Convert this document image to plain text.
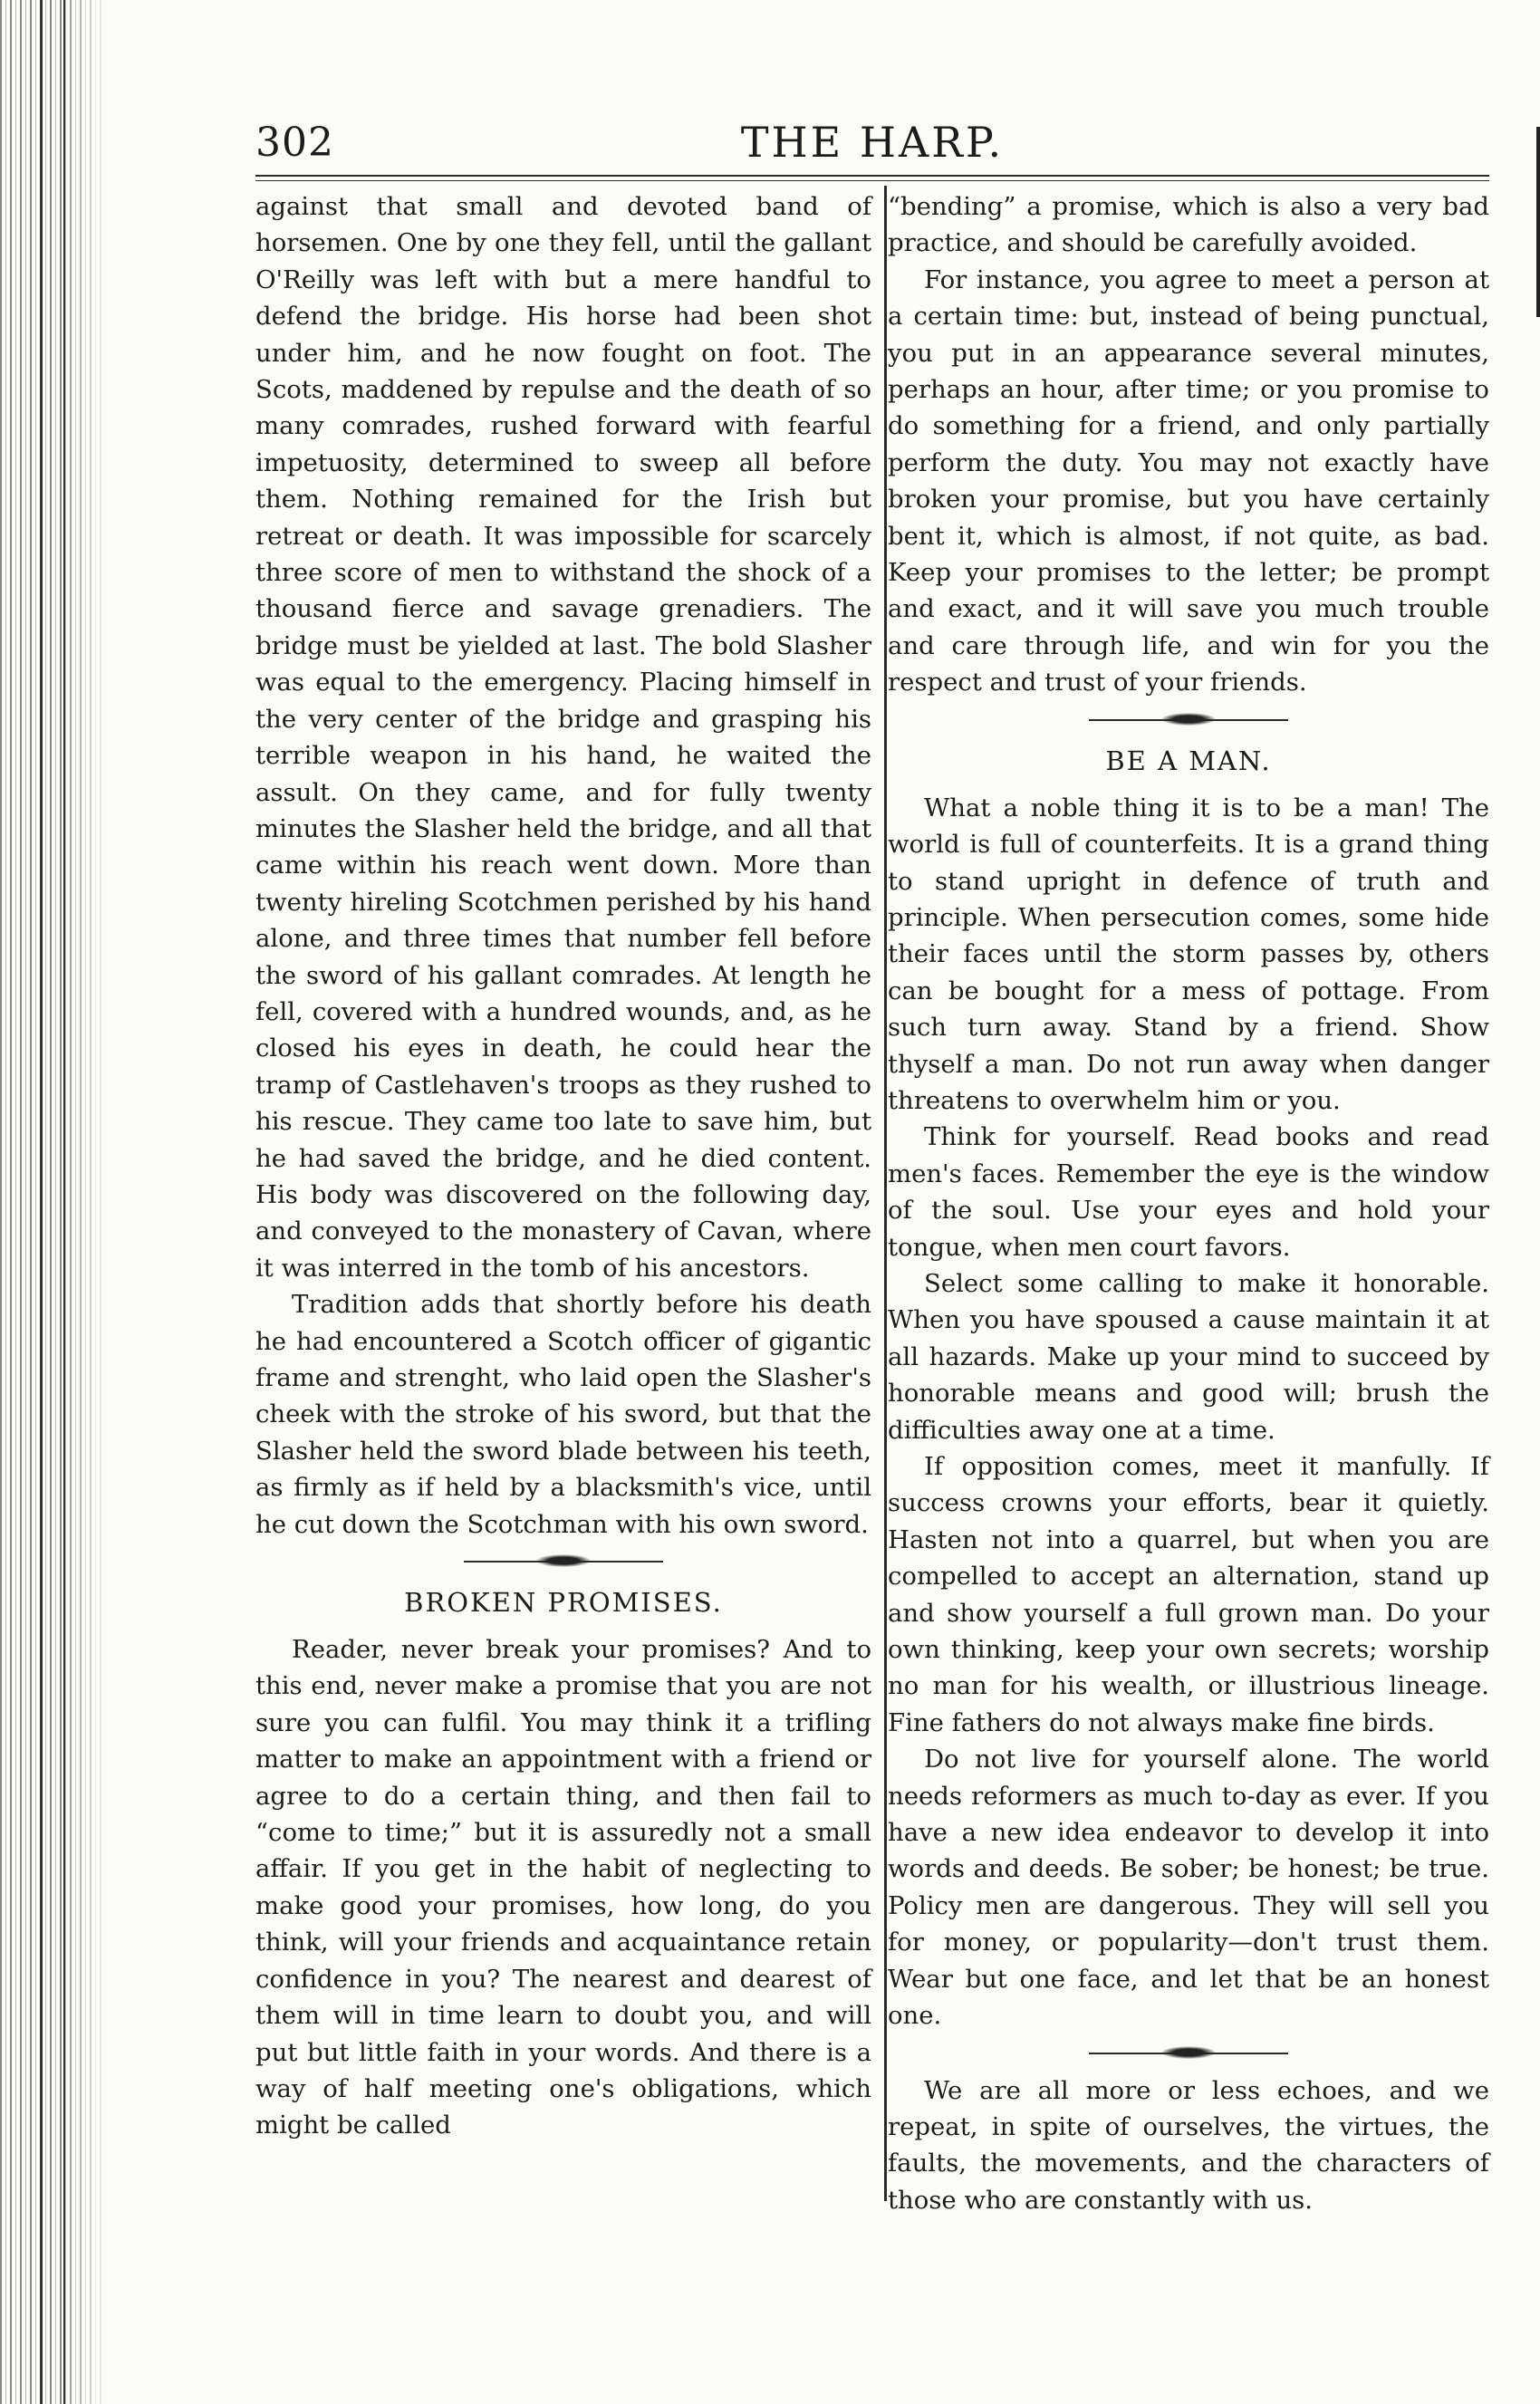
302	THE HARP.

against that small and devoted band of horsemen. One by one they fell, until the gallant O'Reilly was left with but a mere handful to defend the bridge. His horse had been shot under him, and he now fought on foot. The Scots, maddened by repulse and the death of so many comrades, rushed forward with fearful impetuosity, determined to sweep all before them. Nothing remained for the Irish but retreat or death. It was impossible for scarcely three score of men to withstand the shock of a thousand fierce and savage grenadiers. The bridge must be yielded at last. The bold Slasher was equal to the emergency. Placing himself in the very center of the bridge and grasping his terrible weapon in his hand, he waited the assult. On they came, and for fully twenty minutes the Slasher held the bridge, and all that came within his reach went down. More than twenty hireling Scotchmen perished by his hand alone, and three times that number fell before the sword of his gallant comrades. At length he fell, covered with a hundred wounds, and, as he closed his eyes in death, he could hear the tramp of Castlehaven's troops as they rushed to his rescue. They came too late to save him, but he had saved the bridge, and he died content. His body was discovered on the following day, and conveyed to the monastery of Cavan, where it was interred in the tomb of his ancestors.

Tradition adds that shortly before his death he had encountered a Scotch officer of gigantic frame and strenght, who laid open the Slasher's cheek with the stroke of his sword, but that the Slasher held the sword blade between his teeth, as firmly as if held by a blacksmith's vice, until he cut down the Scotchman with his own sword.

BROKEN PROMISES.

Reader, never break your promises? And to this end, never make a promise that you are not sure you can fulfil. You may think it a trifling matter to make an appointment with a friend or agree to do a certain thing, and then fail to “come to time;” but it is assuredly not a small affair. If you get in the habit of neglecting to make good your promises, how long, do you think, will your friends and acquaintance retain confidence in you? The nearest and dearest of them will in time learn to doubt you, and will put but little faith in your words. And there is a way of half meeting one's obligations, which might be called

“bending” a promise, which is also a very bad practice, and should be carefully avoided.

For instance, you agree to meet a person at a certain time: but, instead of being punctual, you put in an appearance several minutes, perhaps an hour, after time; or you promise to do something for a friend, and only partially perform the duty. You may not exactly have broken your promise, but you have certainly bent it, which is almost, if not quite, as bad. Keep your promises to the letter; be prompt and exact, and it will save you much trouble and care through life, and win for you the respect and trust of your friends.

BE A MAN.

What a noble thing it is to be a man! The world is full of counterfeits. It is a grand thing to stand upright in defence of truth and principle. When persecution comes, some hide their faces until the storm passes by, others can be bought for a mess of pottage. From such turn away. Stand by a friend. Show thyself a man. Do not run away when danger threatens to overwhelm him or you.

Think for yourself. Read books and read men's faces. Remember the eye is the window of the soul. Use your eyes and hold your tongue, when men court favors.

Select some calling to make it honorable. When you have spoused a cause maintain it at all hazards. Make up your mind to succeed by honorable means and good will; brush the difficulties away one at a time.

If opposition comes, meet it manfully. If success crowns your efforts, bear it quietly. Hasten not into a quarrel, but when you are compelled to accept an alternation, stand up and show yourself a full grown man. Do your own thinking, keep your own secrets; worship no man for his wealth, or illustrious lineage. Fine fathers do not always make fine birds.

Do not live for yourself alone. The world needs reformers as much to-day as ever. If you have a new idea endeavor to develop it into words and deeds. Be sober; be honest; be true. Policy men are dangerous. They will sell you for money, or popularity—don't trust them. Wear but one face, and let that be an honest one.

We are all more or less echoes, and we repeat, in spite of ourselves, the virtues, the faults, the movements, and the characters of those who are constantly with us.
